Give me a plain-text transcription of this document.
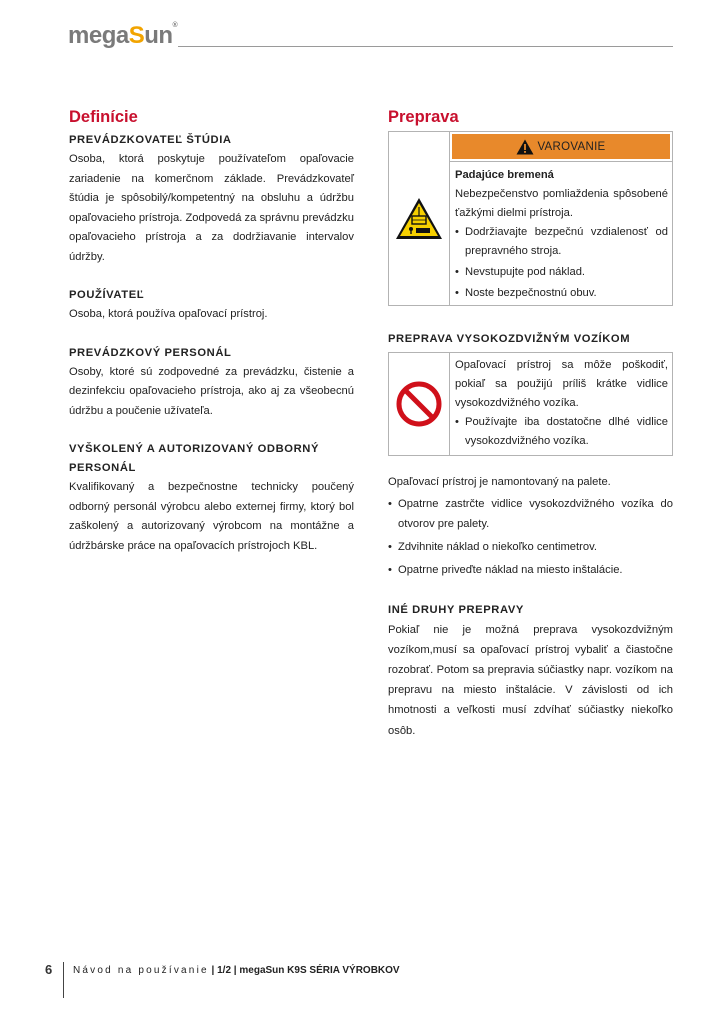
megaSun®
Definície
PREVÁDZKOVATEĽ ŠTÚDIA

Osoba, ktorá poskytuje používateľom opaľovacie zariadenie na komerčnom základe. Prevádzkovateľ štúdia je spôsobilý/kompetentný na obsluhu a údržbu opaľovacieho prístroja. Zodpovedá za správnu prevádzku opaľovacieho prístroja a za dodržiavanie intervalov údržby.

POUŽÍVATEĽ

Osoba, ktorá používa opaľovací prístroj.

PREVÁDZKOVÝ PERSONÁL

Osoby, ktoré sú zodpovedné za prevádzku, čistenie a dezinfekciu opaľovacieho prístroja, ako aj za všeobecnú údržbu a poučenie užívateľa.

VYŠKOLENÝ A AUTORIZOVANÝ ODBORNÝ PERSONÁL

Kvalifikovaný a bezpečnostne technicky poučený odborný personál výrobcu alebo externej firmy, ktorý bol zaškolený a autorizovaný výrobcom na montážne a údržbárske práce na opaľovacích prístrojoch KBL.

Preprava
VAROVANIE
Padajúce bremená

Nebezpečenstvo pomliaždenia spôsobené ťažkými dielmi prístroja.

• Dodržiavajte bezpečnú vzdialenosť od prepravného stroja.
• Nevstupujte pod náklad.
• Noste bezpečnostnú obuv.
PREPRAVA VYSOKOZDVIŽNÝM VOZÍKOM

Opaľovací prístroj sa môže poškodiť, pokiaľ sa použijú príliš krátke vidlice vysokozdvižného vozíka.

• Používajte iba dostatočne dlhé vidlice vysokozdvižného vozíka.

Opaľovací prístroj je namontovaný na palete.

• Opatrne zastrčte vidlice vysokozdvižného vozíka do otvorov pre palety.
• Zdvihnite náklad o niekoľko centimetrov.
• Opatrne priveďte náklad na miesto inštalácie.
INÉ DRUHY PREPRAVY

Pokiaľ nie je možná preprava vysokozdvižným vozíkom,musí sa opaľovací prístroj vybaliť a čiastočne rozobrať. Potom sa prepravia súčiastky napr. vozíkom na prepravu na miesto inštalácie. V závislosti od ich hmotnosti a veľkosti musí zdvíhať súčiastky niekoľko osôb.

6	Návod na používanie | 1/2 | megaSun K9S SÉRIA VÝROBKOV
